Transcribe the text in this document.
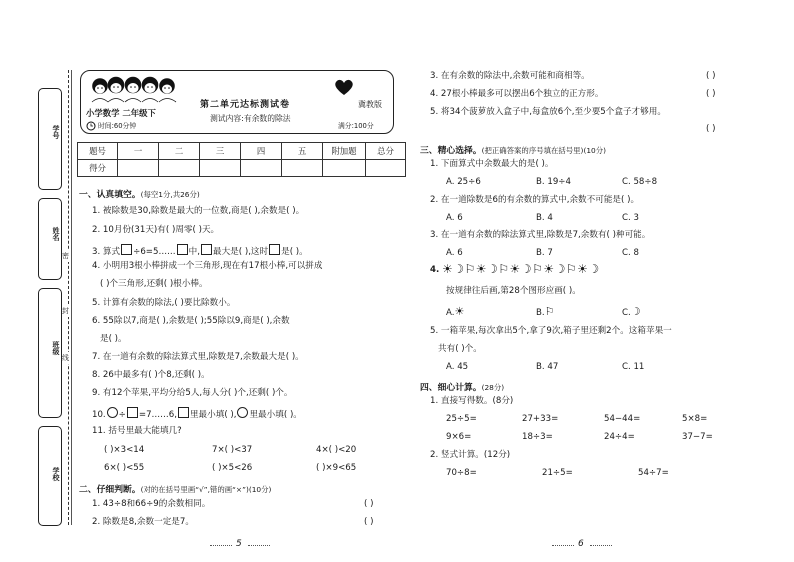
学号
姓名
班级
学校
密
封
线
小学数学 二年级下
第二单元达标测试卷	冀教版
测试内容:有余数的除法
时间:60分钟	满分:100分
题号	一	二	三	四	五	附加题	总分
得分							
一、认真填空。(每空1分,共26分)
1. 被除数是30,除数是最大的一位数,商是( ),余数是( )。
2. 10月份(31天)有( )周零( )天。
3. 算式 ÷6=5…… 中, 最大是( ),这时 是( )。
4. 小明用3根小棒拼成一个三角形,现在有17根小棒,可以拼成
( )个三角形,还剩( )根小棒。
5. 计算有余数的除法,( )要比除数小。
6. 55除以7,商是( ),余数是( );55除以9,商是( ),余数
是( )。
7. 在一道有余数的除法算式里,除数是7,余数最大是( )。
8. 26中最多有( )个8,还剩( )。
9. 有12个苹果,平均分给5人,每人分( )个,还剩( )个。
10. ÷ =7……6, 里最小填( ), 里最小填( )。
11. 括号里最大能填几?
( )×3<14	7×( )<37	4×( )<20
6×( )<55	( )×5<26	( )×9<65
二、仔细判断。(对的在括号里画“√”,错的画“×”)(10分)
1. 43÷8和66÷9的余数相同。	( )
2. 除数是8,余数一定是7。	( )
5
3. 在有余数的除法中,余数可能和商相等。	( )
4. 27根小棒最多可以摆出6个独立的正方形。	( )
5. 将34个菠萝放入盒子中,每盒放6个,至少要5个盒子才够用。
( )
三、精心选择。(把正确答案的序号填在括号里)(10分)
1. 下面算式中余数最大的是( )。
A. 25÷6	B. 19÷4	C. 58÷8
2. 在一道除数是6的有余数的算式中,余数不可能是( )。
A. 6	B. 4	C. 3
3. 在一道有余数的除法算式里,除数是7,余数有( )种可能。
A. 6	B. 7	C. 8
4. ☀☽⚐☀☽⚐☀☽⚐☀☽⚐☀☽
按规律往后画,第28个图形应画( )。
A.☀	B.⚐	C.☽
5. 一箱苹果,每次拿出5个,拿了9次,箱子里还剩2个。这箱苹果一
共有( )个。
A. 45	B. 47	C. 11
四、细心计算。(28分)
1. 直接写得数。(8分)
25÷5=	27+33=	54−44=	5×8=
9×6=	18÷3=	24÷4=	37−7=
2. 竖式计算。(12分)
70÷8=	21÷5=	54÷7=
6
